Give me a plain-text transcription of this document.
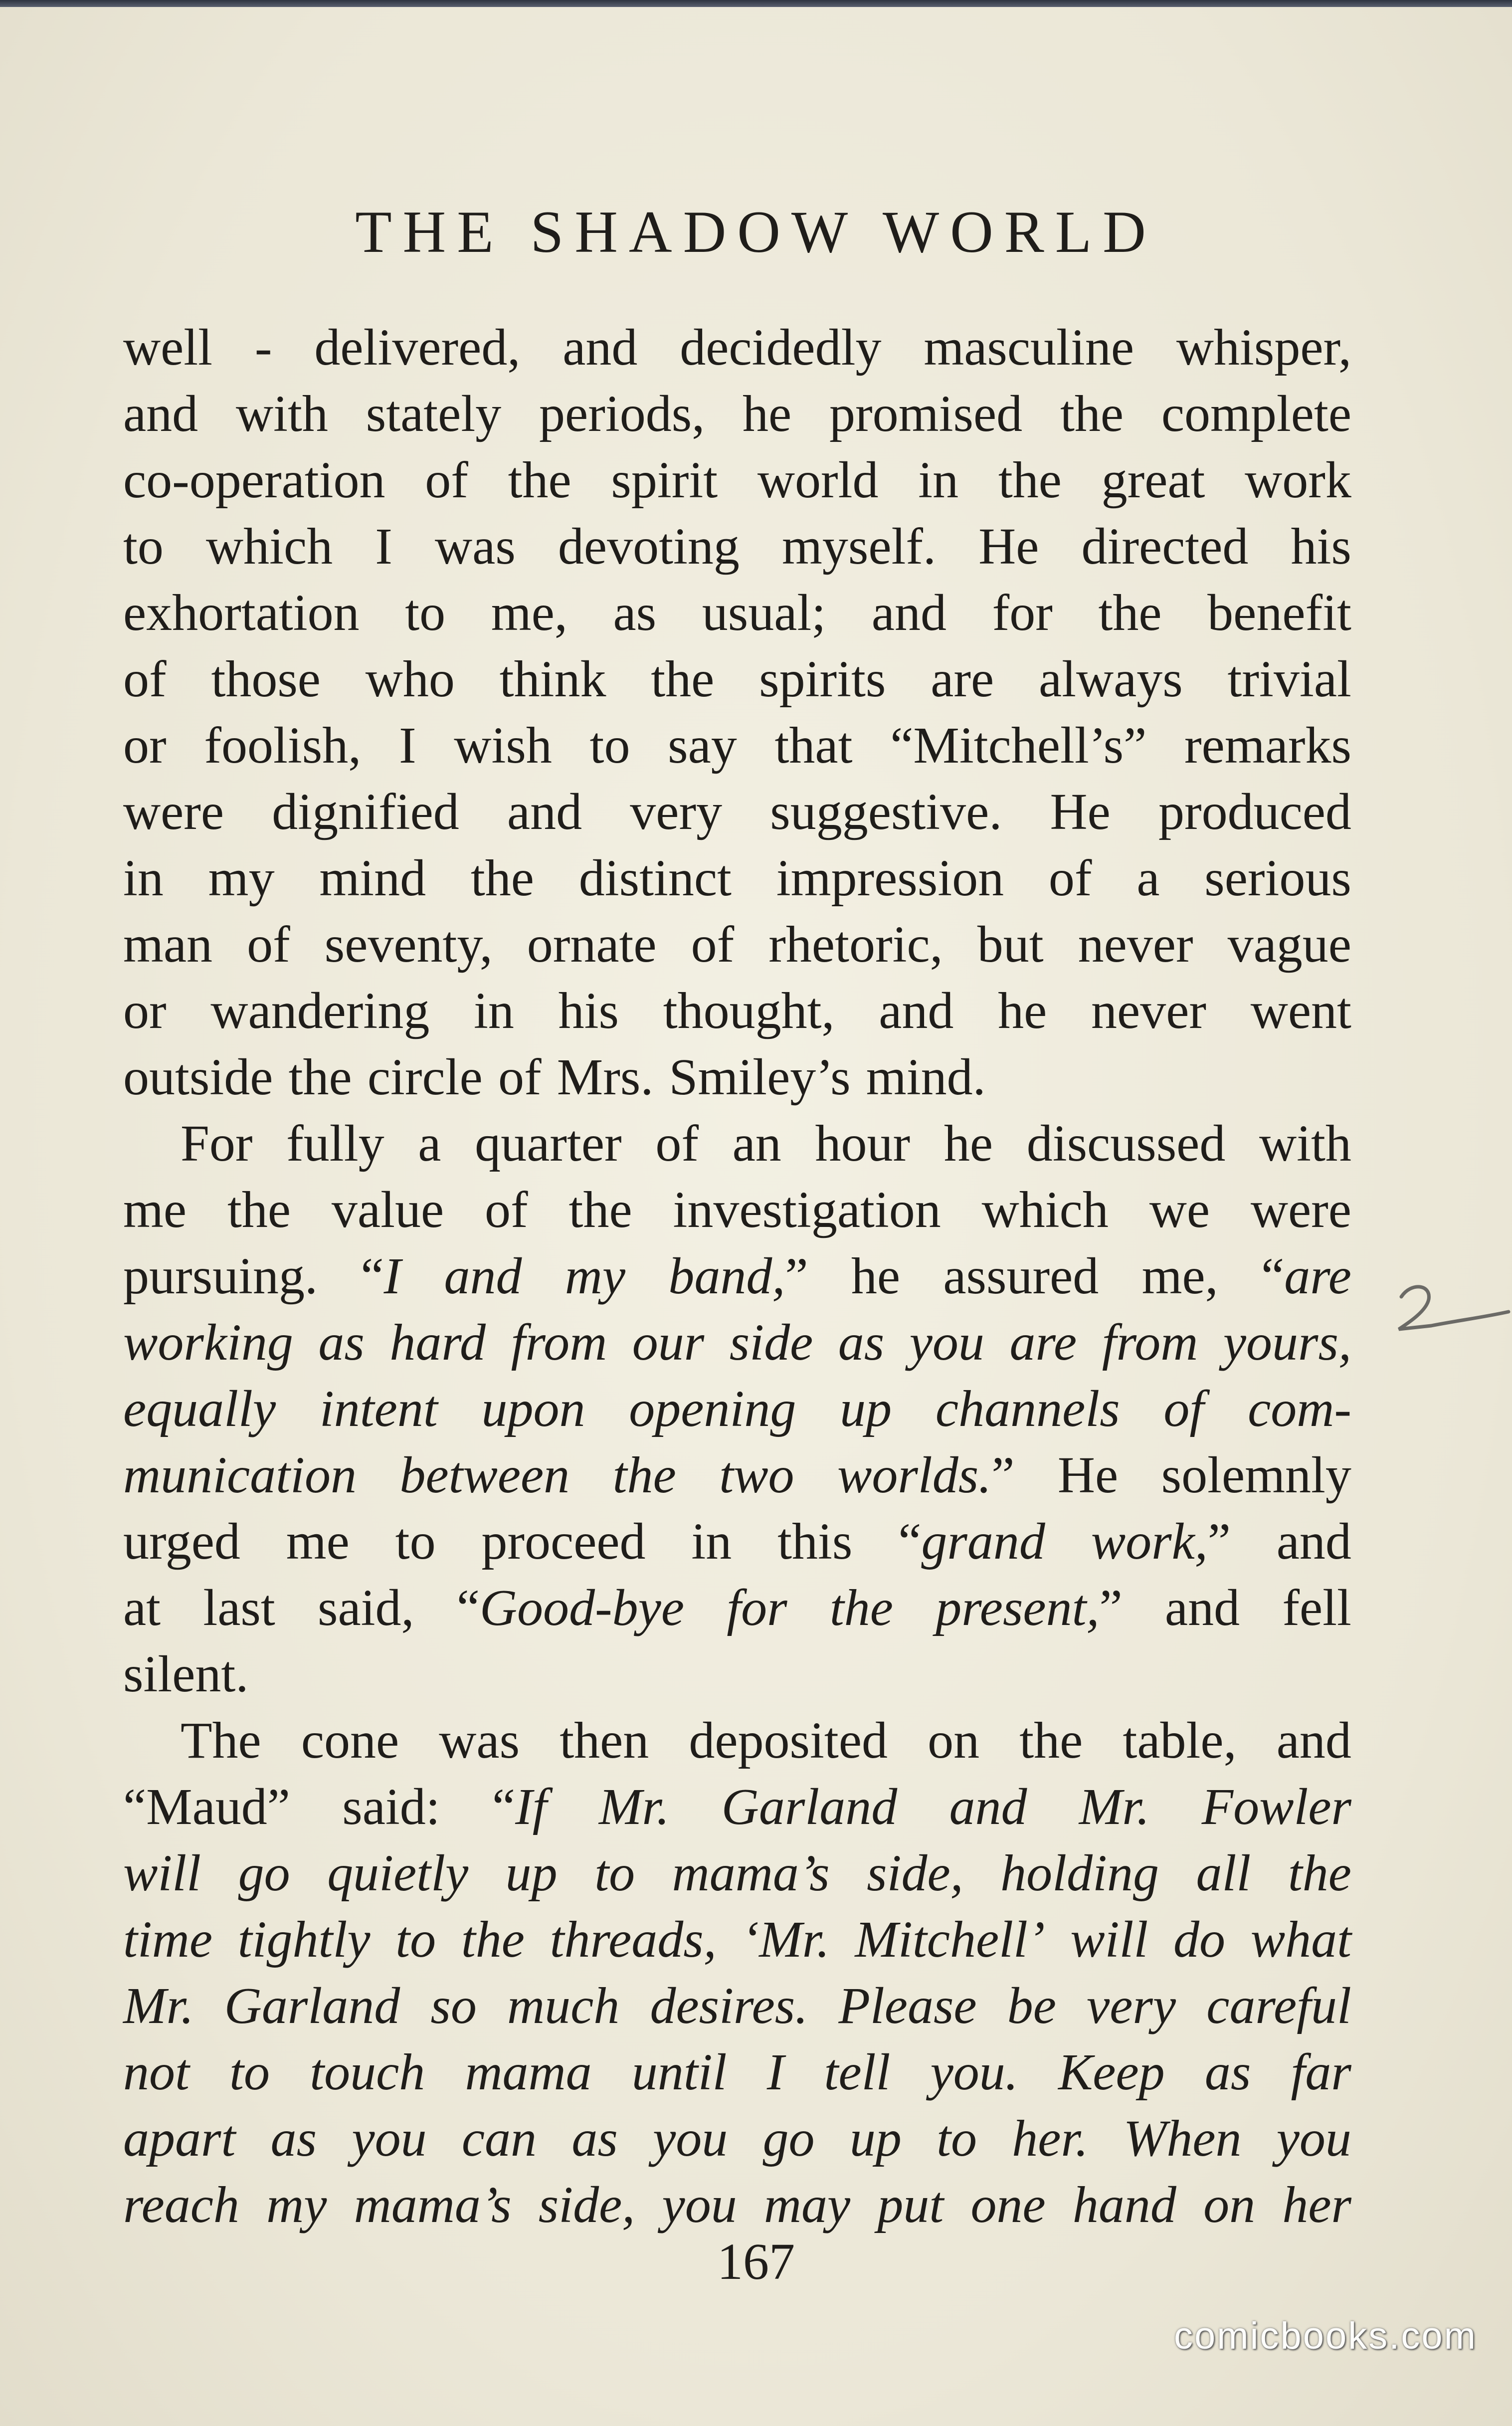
THE SHADOW WORLD
well - delivered, and decidedly masculine whisper,
and with stately periods, he promised the complete
co-operation of the spirit world in the great work
to which I was devoting myself. He directed his
exhortation to me, as usual; and for the benefit
of those who think the spirits are always trivial
or foolish, I wish to say that “Mitchell’s” remarks
were dignified and very suggestive. He produced
in my mind the distinct impression of a serious
man of seventy, ornate of rhetoric, but never vague
or wandering in his thought, and he never went
outside the circle of Mrs. Smiley’s mind.
For fully a quarter of an hour he discussed with
me the value of the investigation which we were
pursuing. “I and my band,” he assured me, “are
working as hard from our side as you are from yours,
equally intent upon opening up channels of com-
munication between the two worlds.” He solemnly
urged me to proceed in this “grand work,” and
at last said, “Good-bye for the present,” and fell
silent.
The cone was then deposited on the table, and
“Maud” said: “If Mr. Garland and Mr. Fowler
will go quietly up to mama’s side, holding all the
time tightly to the threads, ‘Mr. Mitchell’ will do what
Mr. Garland so much desires. Please be very careful
not to touch mama until I tell you. Keep as far
apart as you can as you go up to her. When you
reach my mama’s side, you may put one hand on her
167
comicbooks.com
